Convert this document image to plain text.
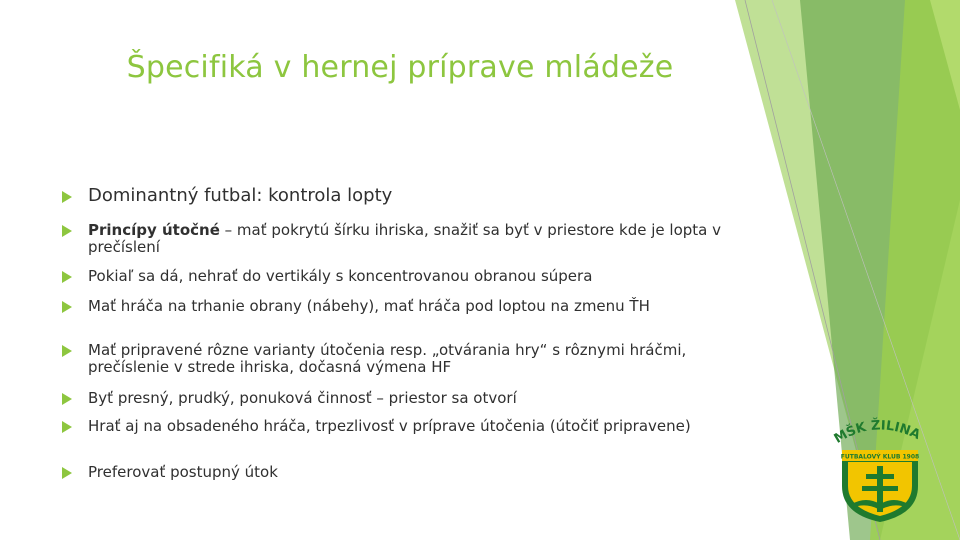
Špecifiká v hernej príprave mládeže
Dominantný futbal: kontrola lopty
Princípy útočné – mať pokrytú šírku ihriska, snažiť sa byť v priestore kde je lopta v prečíslení
Pokiaľ sa dá, nehrať do vertikály s koncentrovanou obranou súpera
Mať hráča na trhanie obrany (nábehy), mať hráča pod loptou na zmenu ŤH
Mať pripravené rôzne varianty útočenia resp. „otvárania hry“ s rôznymi hráčmi, prečíslenie v strede ihriska, dočasná výmena HF
Byť presný, prudký, ponuková činnosť – priestor sa otvorí
Hrať aj na obsadeného hráča, trpezlivosť v príprave útočenia (útočiť pripravene)
Preferovať postupný útok
MŠK ŽILINA
FUTBALOVÝ KLUB 1908
